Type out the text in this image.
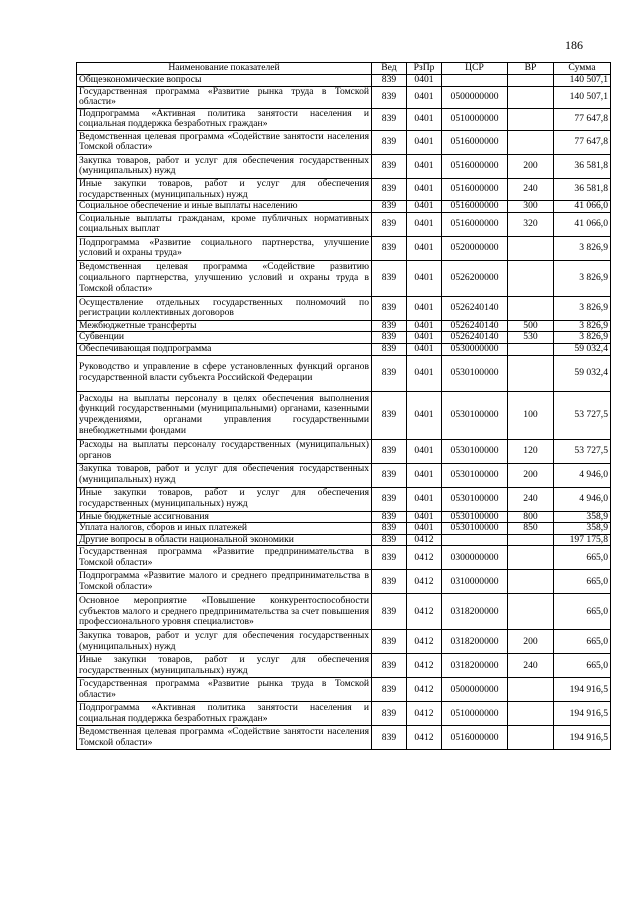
186
Наименование показателей	Вед	РзПр	ЦСР	ВР	Сумма
Общеэкономические вопросы	839	0401			140 507,1
Государственная программа «Развитие рынка труда в Томской области»	839	0401	0500000000		140 507,1
Подпрограмма «Активная политика занятости населения и социальная поддержка безработных граждан»	839	0401	0510000000		77 647,8
Ведомственная целевая программа «Содействие занятости населения Томской области»	839	0401	0516000000		77 647,8
Закупка товаров, работ и услуг для обеспечения государственных (муниципальных) нужд	839	0401	0516000000	200	36 581,8
Иные закупки товаров, работ и услуг для обеспечения государственных (муниципальных) нужд	839	0401	0516000000	240	36 581,8
Социальное обеспечение и иные выплаты населению	839	0401	0516000000	300	41 066,0
Социальные выплаты гражданам, кроме публичных нормативных социальных выплат	839	0401	0516000000	320	41 066,0
Подпрограмма «Развитие социального партнерства, улучшение условий и охраны труда»	839	0401	0520000000		3 826,9
Ведомственная целевая программа «Содействие развитию социального партнерства, улучшению условий и охраны труда в Томской области»	839	0401	0526200000		3 826,9
Осуществление отдельных государственных полномочий по регистрации коллективных договоров	839	0401	0526240140		3 826,9
Межбюджетные трансферты	839	0401	0526240140	500	3 826,9
Субвенции	839	0401	0526240140	530	3 826,9
Обеспечивающая подпрограмма	839	0401	0530000000		59 032,4
Руководство и управление в сфере установленных функций органов государственной власти субъекта Российской Федерации	839	0401	0530100000		59 032,4
Расходы на выплаты персоналу в целях обеспечения выполнения функций государственными (муниципальными) органами, казенными учреждениями, органами управления государственными внебюджетными фондами	839	0401	0530100000	100	53 727,5
Расходы на выплаты персоналу государственных (муниципальных) органов	839	0401	0530100000	120	53 727,5
Закупка товаров, работ и услуг для обеспечения государственных (муниципальных) нужд	839	0401	0530100000	200	4 946,0
Иные закупки товаров, работ и услуг для обеспечения государственных (муниципальных) нужд	839	0401	0530100000	240	4 946,0
Иные бюджетные ассигнования	839	0401	0530100000	800	358,9
Уплата налогов, сборов и иных платежей	839	0401	0530100000	850	358,9
Другие вопросы в области национальной экономики	839	0412			197 175,8
Государственная программа «Развитие предпринимательства в Томской области»	839	0412	0300000000		665,0
Подпрограмма «Развитие малого и среднего предпринимательства в Томской области»	839	0412	0310000000		665,0
Основное мероприятие «Повышение конкурентоспособности субъектов малого и среднего предпринимательства за счет повышения профессионального уровня специалистов»	839	0412	0318200000		665,0
Закупка товаров, работ и услуг для обеспечения государственных (муниципальных) нужд	839	0412	0318200000	200	665,0
Иные закупки товаров, работ и услуг для обеспечения государственных (муниципальных) нужд	839	0412	0318200000	240	665,0
Государственная программа «Развитие рынка труда в Томской области»	839	0412	0500000000		194 916,5
Подпрограмма «Активная политика занятости населения и социальная поддержка безработных граждан»	839	0412	0510000000		194 916,5
Ведомственная целевая программа «Содействие занятости населения Томской области»	839	0412	0516000000		194 916,5
